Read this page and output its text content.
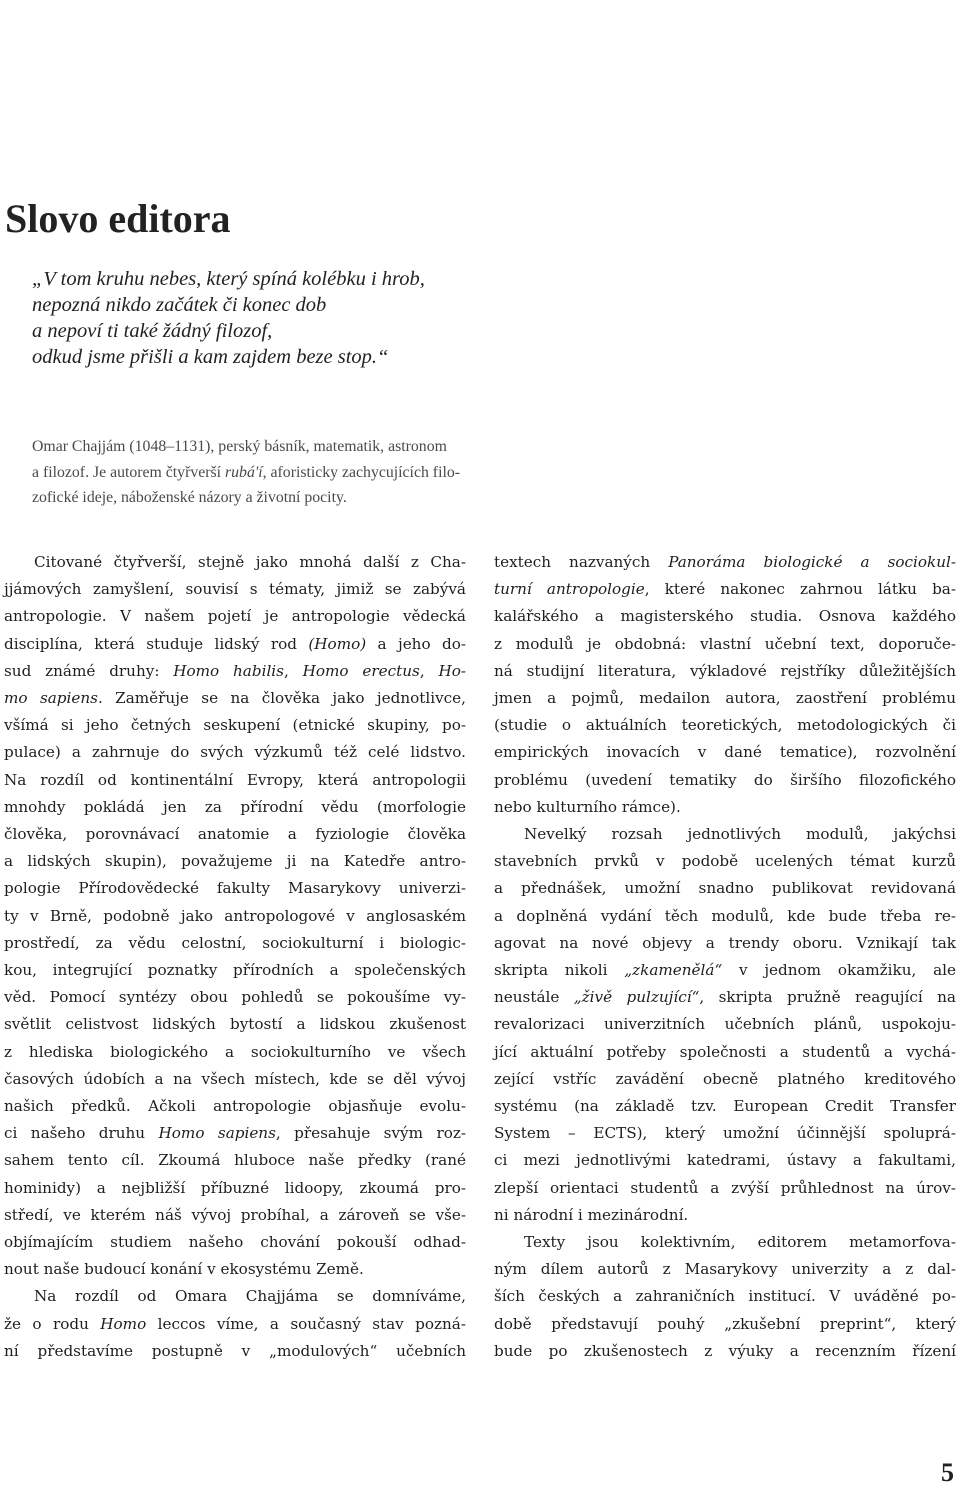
Slovo editora
„V tom kruhu nebes, který spíná kolébku i hrob,
nepozná nikdo začátek či konec dob
a nepoví ti také žádný filozof,
odkud jsme přišli a kam zajdem beze stop.“
Omar Chajjám (1048–1131), perský básník, matematik, astronom
a filozof. Je autorem čtyřverší rubá'í, aforisticky zachycujících filo-
zofické ideje, náboženské názory a životní pocity.
Citované čtyřverší, stejně jako mnohá další z Cha-
jjámových zamyšlení, souvisí s tématy, jimiž se zabývá
antropologie. V našem pojetí je antropologie vědecká
disciplína, která studuje lidský rod (Homo) a jeho do-
sud známé druhy: Homo habilis, Homo erectus, Ho-
mo sapiens. Zaměřuje se na člověka jako jednotlivce,
všímá si jeho četných seskupení (etnické skupiny, po-
pulace) a zahrnuje do svých výzkumů též celé lidstvo.
Na rozdíl od kontinentální Evropy, která antropologii
mnohdy pokládá jen za přírodní vědu (morfologie
člověka, porovnávací anatomie a fyziologie člověka
a lidských skupin), považujeme ji na Katedře antro-
pologie Přírodovědecké fakulty Masarykovy univerzi-
ty v Brně, podobně jako antropologové v anglosaském
prostředí, za vědu celostní, sociokulturní i biologic-
kou, integrující poznatky přírodních a společenských
věd. Pomocí syntézy obou pohledů se pokoušíme vy-
světlit celistvost lidských bytostí a lidskou zkušenost
z hlediska biologického a sociokulturního ve všech
časových údobích a na všech místech, kde se děl vývoj
našich předků. Ačkoli antropologie objasňuje evolu-
ci našeho druhu Homo sapiens, přesahuje svým roz-
sahem tento cíl. Zkoumá hluboce naše předky (rané
hominidy) a nejbližší příbuzné lidoopy, zkoumá pro-
středí, ve kterém náš vývoj probíhal, a zároveň se vše-
objímajícím studiem našeho chování pokouší odhad-
nout naše budoucí konání v ekosystému Země.
Na rozdíl od Omara Chajjáma se domníváme,
že o rodu Homo leccos víme, a současný stav pozná-
ní představíme postupně v „modulových“ učebních
textech nazvaných Panoráma biologické a sociokul-
turní antropologie, které nakonec zahrnou látku ba-
kalářského a magisterského studia. Osnova každého
z modulů je obdobná: vlastní učební text, doporuče-
ná studijní literatura, výkladové rejstříky důležitějších
jmen a pojmů, medailon autora, zaostření problému
(studie o aktuálních teoretických, metodologických či
empirických inovacích v dané tematice), rozvolnění
problému (uvedení tematiky do širšího filozofického
nebo kulturního rámce).
Nevelký rozsah jednotlivých modulů, jakýchsi
stavebních prvků v podobě ucelených témat kurzů
a přednášek, umožní snadno publikovat revidovaná
a doplněná vydání těch modulů, kde bude třeba re-
agovat na nové objevy a trendy oboru. Vznikají tak
skripta nikoli „zkamenělá“ v jednom okamžiku, ale
neustále „živě pulzující“, skripta pružně reagující na
revalorizaci univerzitních učebních plánů, uspokoju-
jící aktuální potřeby společnosti a studentů a vychá-
zející vstříc zavádění obecně platného kreditového
systému (na základě tzv. European Credit Transfer
System – ECTS), který umožní účinnější spoluprá-
ci mezi jednotlivými katedrami, ústavy a fakultami,
zlepší orientaci studentů a zvýší průhlednost na úrov-
ni národní i mezinárodní.
Texty jsou kolektivním, editorem metamorfova-
ným dílem autorů z Masarykovy univerzity a z dal-
ších českých a zahraničních institucí. V uváděné po-
době představují pouhý „zkušební preprint“, který
bude po zkušenostech z výuky a recenzním řízení
5
